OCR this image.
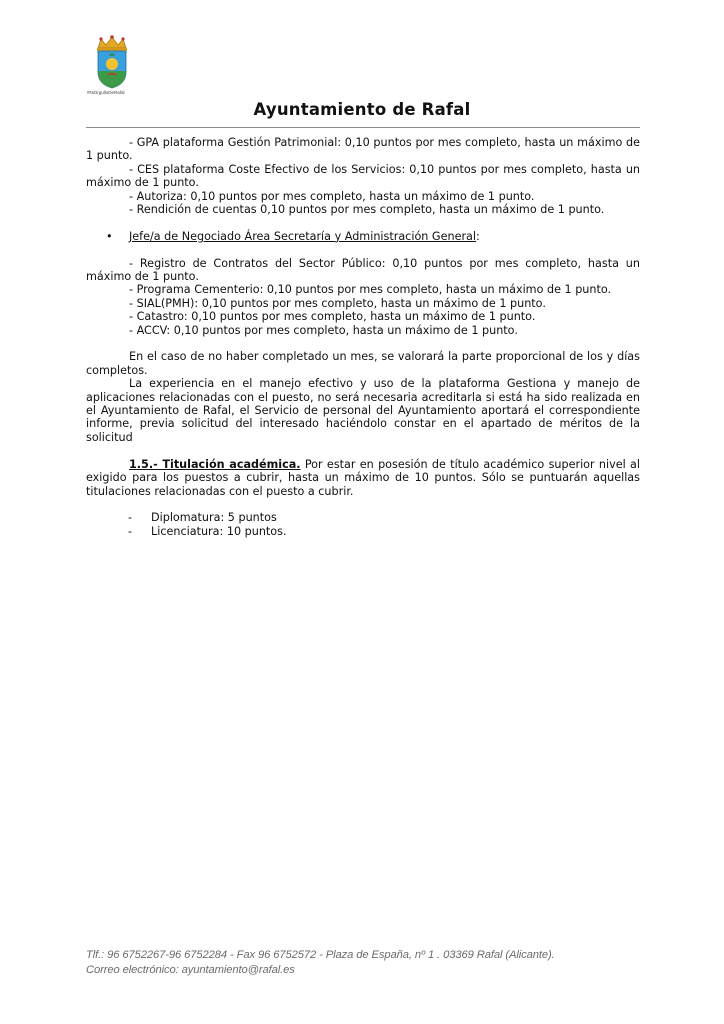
#NiOrgulloDeRafal
Ayuntamiento de Rafal

- GPA plataforma Gestión Patrimonial: 0,10 puntos por mes completo, hasta un máximo de 1 punto.

- CES plataforma Coste Efectivo de los Servicios: 0,10 puntos por mes completo, hasta un máximo de 1 punto.

- Autoriza: 0,10 puntos por mes completo, hasta un máximo de 1 punto.

- Rendición de cuentas 0,10 puntos por mes completo, hasta un máximo de 1 punto.

• Jefe/a de Negociado Área Secretaría y Administración General:

- Registro de Contratos del Sector Público: 0,10 puntos por mes completo, hasta un máximo de 1 punto.

- Programa Cementerio: 0,10 puntos por mes completo, hasta un máximo de 1 punto.

- SIAL(PMH): 0,10 puntos por mes completo, hasta un máximo de 1 punto.

- Catastro: 0,10 puntos por mes completo, hasta un máximo de 1 punto.

- ACCV: 0,10 puntos por mes completo, hasta un máximo de 1 punto.

En el caso de no haber completado un mes, se valorará la parte proporcional de los y días completos.

La experiencia en el manejo efectivo y uso de la plataforma Gestiona y manejo de aplicaciones relacionadas con el puesto, no será necesaria acreditarla si está ha sido realizada en el Ayuntamiento de Rafal, el Servicio de personal del Ayuntamiento aportará el correspondiente informe, previa solicitud del interesado haciéndolo constar en el apartado de méritos de la solicitud

1.5.- Titulación académica. Por estar en posesión de título académico superior nivel al exigido para los puestos a cubrir, hasta un máximo de 10 puntos. Sólo se puntuarán aquellas titulaciones relacionadas con el puesto a cubrir.

- Diplomatura: 5 puntos

- Licenciatura: 10 puntos.

Tlf.: 96 6752267-96 6752284 - Fax 96 6752572 - Plaza de España, nº 1 . 03369 Rafal (Alicante).
Correo electrónico: ayuntamiento@rafal.es
